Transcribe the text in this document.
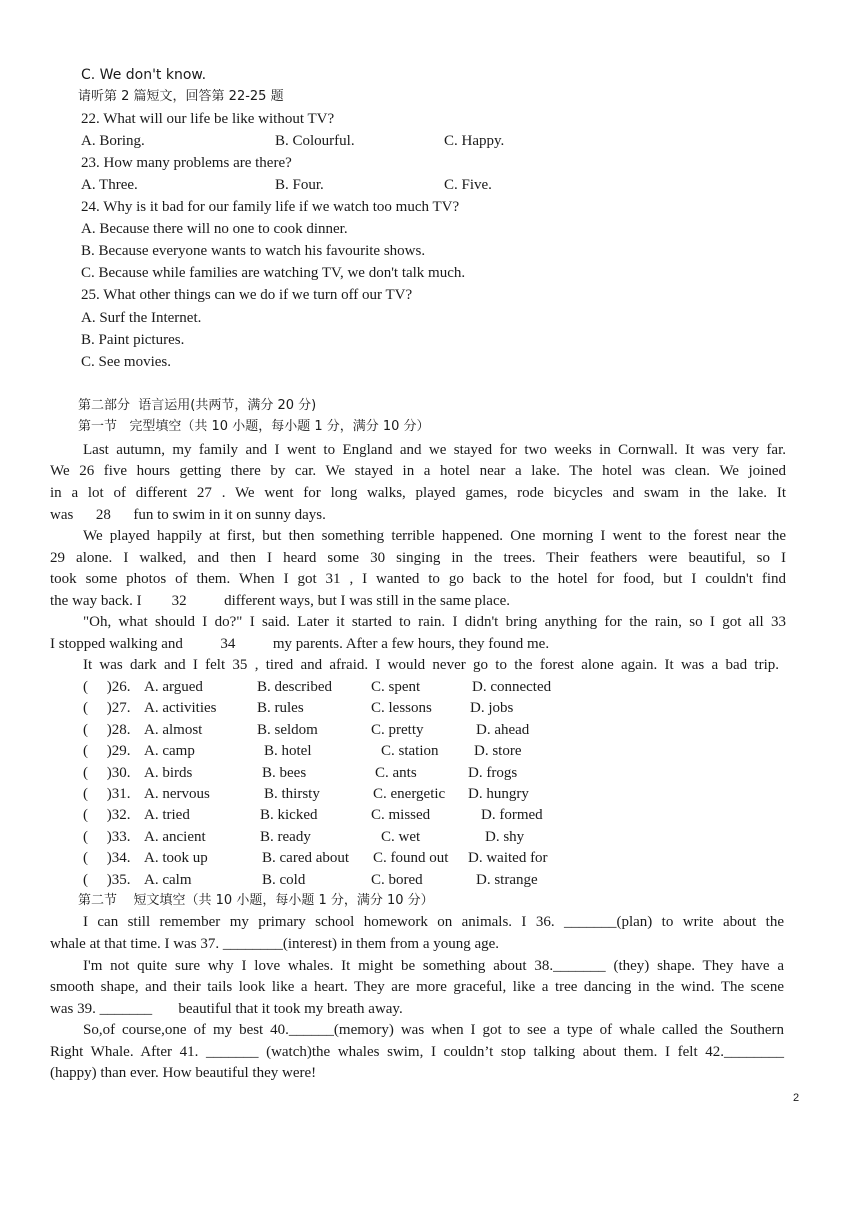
C. We don't know.
请听第 2 篇短文，回答第 22-25 题
22. What will our life be like without TV?
A. Boring.	B. Colourful.	C. Happy.
23. How many problems are there?
A. Three.	B. Four.	C. Five.
24. Why is it bad for our family life if we watch too much TV?
A. Because there will no one to cook dinner.
B. Because everyone wants to watch his favourite shows.
C. Because while families are watching TV, we don't talk much.
25. What other things can we do if we turn off our TV?
A. Surf the Internet.
B. Paint pictures.
C. See movies.
第二部分  语言运用(共两节，满分 20 分)
第一节   完型填空（共 10 小题，每小题 1 分，满分 10 分）
Last autumn, my family and I went to England and we stayed for two weeks in Cornwall. It was very far.
We 26 five hours getting there by car. We stayed in a hotel near a lake. The hotel was clean. We joined
in a lot of different 27 . We went for long walks, played games, rode bicycles and swam in the lake. It
was      28      fun to swim in it on sunny days.
We played happily at first, but then something terrible happened. One morning I went to the forest near the
29 alone. I walked, and then I heard some 30 singing in the trees. Their feathers were beautiful, so I
took some photos of them. When I got 31 , I wanted to go back to the hotel for food, but I couldn't find
the way back. I        32          different ways, but I was still in the same place.
"Oh, what should I do?" I said. Later it started to rain. I didn't bring anything for the rain, so I got all 33
I stopped walking and          34          my parents. After a few hours, they found me.
It was dark and I felt 35 , tired and afraid. I would never go to the forest alone again. It was a bad trip.
(     )26. A. argued	B. described	C. spent	D. connected
(     )27. A. activities	B. rules	C. lessons	D. jobs
(     )28. A. almost	B. seldom	C. pretty	D. ahead
(     )29. A. camp	B. hotel	C. station D. store
(     )30. A. birds	B. bees	C. ants	D. frogs
(     )31. A. nervous	B. thirsty	C. energetic D. hungry
(     )32. A. tried	B. kicked	C. missed	D. formed
(     )33. A. ancient	B. ready	C. wet	D. shy
(     )34. A. took up	B. cared about C. found out D. waited for
(     )35. A. calm	B. cold	C. bored	D. strange
第二节    短文填空（共 10 小题，每小题 1 分，满分 10 分）
I can still remember my primary school homework on animals. I 36. _______(plan) to write about the
whale at that time. I was 37. ________(interest) in them from a young age.
I'm not quite sure why I love whales. It might be something about 38._______ (they) shape. They have a
smooth shape, and their tails look like a heart. They are more graceful, like a tree dancing in the wind. The scene
was 39. _______       beautiful that it took my breath away.
So,of course,one of my best 40.______(memory) was when I got to see a type of whale called the Southern
Right Whale. After 41. _______ (watch)the whales swim, I couldn’t stop talking about them. I felt 42.________
(happy) than ever. How beautiful they were!
2
